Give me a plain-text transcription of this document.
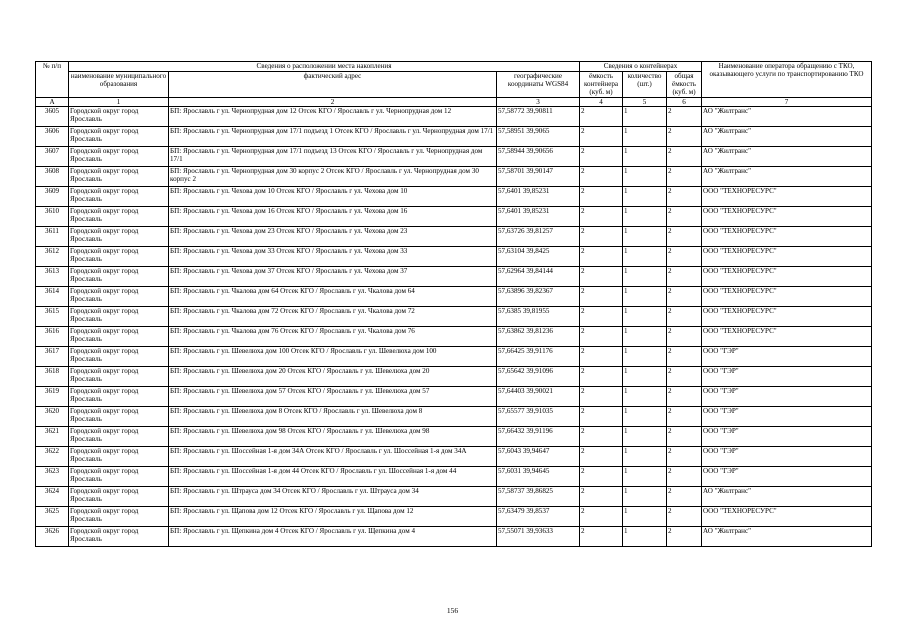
№ п/п	Сведения о расположении места накопления			Сведения о контейнерах			Наименование оператора обращению с ТКО, оказывающего услуги по транспортированию ТКО
	наименование муниципального образования	фактический адрес	географические координаты WGS84	ёмкость контейнера (куб. м)	количество (шт.)	общая ёмкость (куб. м)	
А	1	2	3	4	5	6	7
3605	Городской округ город Ярославль	БП: Ярославль г ул. Чернопрудная дом 12 Отсек КГО / Ярославль г ул. Чернопрудная дом 12	57,58772 39,90811	2	1	2	АО "Жилтранс"
3606	Городской округ город Ярославль	БП: Ярославль г ул. Чернопрудная дом 17/1 подъезд 1 Отсек КГО / Ярославль г ул. Чернопрудная дом 17/1	57,58951 39,9065	2	1	2	АО "Жилтранс"
3607	Городской округ город Ярославль	БП: Ярославль г ул. Чернопрудная дом 17/1 подъезд 13 Отсек КГО / Ярославль г ул. Чернопрудная дом 17/1	57,58944 39,90656	2	1	2	АО "Жилтранс"
3608	Городской округ город Ярославль	БП: Ярославль г ул. Чернопрудная дом 30 корпус 2 Отсек КГО / Ярославль г ул. Чернопрудная дом 30 корпус 2	57,58701 39,90147	2	1	2	АО "Жилтранс"
3609	Городской округ город Ярославль	БП: Ярославль г ул. Чехова дом 10 Отсек КГО / Ярославль г ул. Чехова дом 10	57,6401 39,85231	2	1	2	ООО "ТЕХНОРЕСУРС"
3610	Городской округ город Ярославль	БП: Ярославль г ул. Чехова дом 16 Отсек КГО / Ярославль г ул. Чехова дом 16	57,6401 39,85231	2	1	2	ООО "ТЕХНОРЕСУРС"
3611	Городской округ город Ярославль	БП: Ярославль г ул. Чехова дом 23 Отсек КГО / Ярославль г ул. Чехова дом 23	57,63726 39,81257	2	1	2	ООО "ТЕХНОРЕСУРС"
3612	Городской округ город Ярославль	БП: Ярославль г ул. Чехова дом 33 Отсек КГО / Ярославль г ул. Чехова дом 33	57,63104 39,8425	2	1	2	ООО "ТЕХНОРЕСУРС"
3613	Городской округ город Ярославль	БП: Ярославль г ул. Чехова дом 37 Отсек КГО / Ярославль г ул. Чехова дом 37	57,62964 39,84144	2	1	2	ООО "ТЕХНОРЕСУРС"
3614	Городской округ город Ярославль	БП: Ярославль г ул. Чкалова дом 64 Отсек КГО / Ярославль г ул. Чкалова дом 64	57,63896 39,82367	2	1	2	ООО "ТЕХНОРЕСУРС"
3615	Городской округ город Ярославль	БП: Ярославль г ул. Чкалова дом 72 Отсек КГО / Ярославль г ул. Чкалова дом 72	57,6385 39,81955	2	1	2	ООО "ТЕХНОРЕСУРС"
3616	Городской округ город Ярославль	БП: Ярославль г ул. Чкалова дом 76 Отсек КГО / Ярославль г ул. Чкалова дом 76	57,63862 39,81236	2	1	2	ООО "ТЕХНОРЕСУРС"
3617	Городской округ город Ярославль	БП: Ярославль г ул. Шевелюха дом 100 Отсек КГО / Ярославль г ул. Шевелюха дом 100	57,66425 39,91176	2	1	2	ООО "ГЭР"
3618	Городской округ город Ярославль	БП: Ярославль г ул. Шевелюха дом 20 Отсек КГО / Ярославль г ул. Шевелюха дом 20	57,65642 39,91096	2	1	2	ООО "ГЭР"
3619	Городской округ город Ярославль	БП: Ярославль г ул. Шевелюха дом 57 Отсек КГО / Ярославль г ул. Шевелюха дом 57	57,64403 39,90021	2	1	2	ООО "ГЭР"
3620	Городской округ город Ярославль	БП: Ярославль г ул. Шевелюха дом 8 Отсек КГО / Ярославль г ул. Шевелюха дом 8	57,65577 39,91035	2	1	2	ООО "ГЭР"
3621	Городской округ город Ярославль	БП: Ярославль г ул. Шевелюха дом 98 Отсек КГО / Ярославль г ул. Шевелюха дом 98	57,66432 39,91196	2	1	2	ООО "ГЭР"
3622	Городской округ город Ярославль	БП: Ярославль г ул. Шоссейная 1-я дом 34А Отсек КГО / Ярославль г ул. Шоссейная 1-я дом 34А	57,6043 39,94647	2	1	2	ООО "ГЭР"
3623	Городской округ город Ярославль	БП: Ярославль г ул. Шоссейная 1-я дом 44 Отсек КГО / Ярославль г ул. Шоссейная 1-я дом 44	57,6031 39,94645	2	1	2	ООО "ГЭР"
3624	Городской округ город Ярославль	БП: Ярославль г ул. Штрауса дом 34 Отсек КГО / Ярославль г ул. Штрауса дом 34	57,58737 39,86825	2	1	2	АО "Жилтранс"
3625	Городской округ город Ярославль	БП: Ярославль г ул. Щапова дом 12 Отсек КГО / Ярославль г ул. Щапова дом 12	57,63479 39,8537	2	1	2	ООО "ТЕХНОРЕСУРС"
3626	Городской округ город Ярославль	БП: Ярославль г ул. Щепкина дом 4 Отсек КГО / Ярославль г ул. Щепкина дом 4	57,55071 39,93633	2	1	2	АО "Жилтранс"
156
